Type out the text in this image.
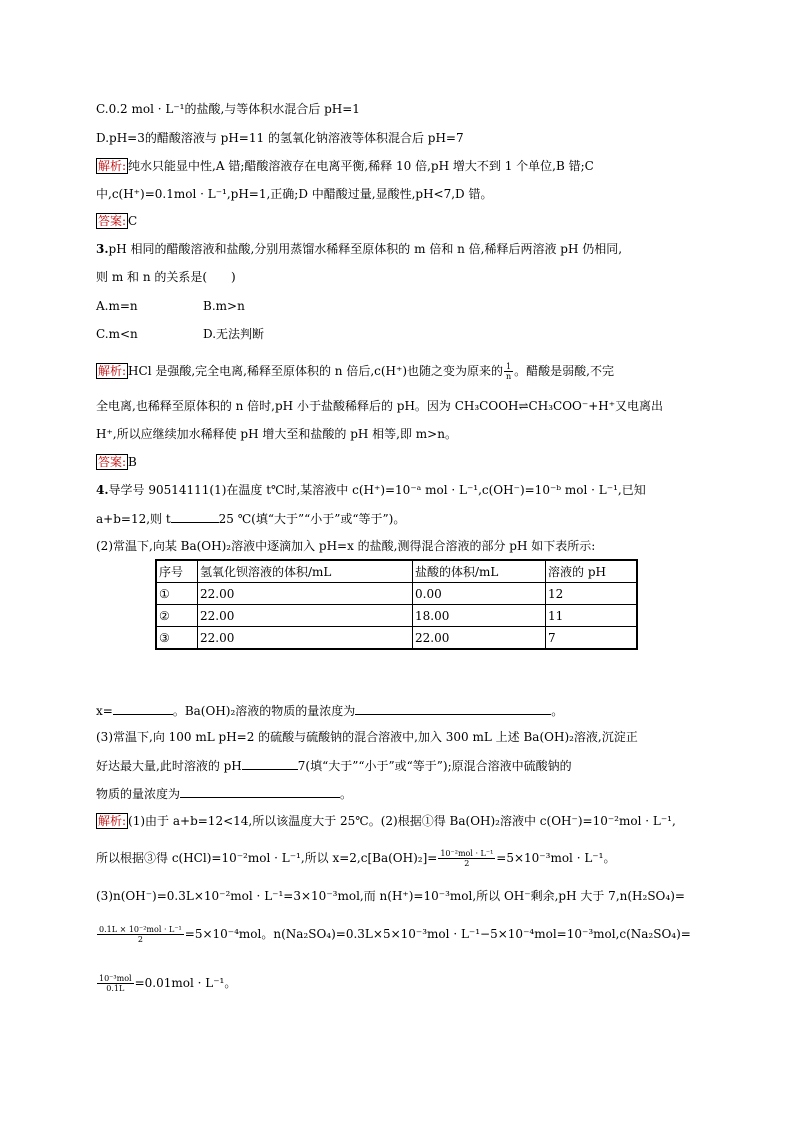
C.0.2 mol · L⁻¹的盐酸,与等体积水混合后 pH=1
D.pH=3的醋酸溶液与 pH=11 的氢氧化钠溶液等体积混合后 pH=7
解析: 纯水只能显中性,A 错;醋酸溶液存在电离平衡,稀释 10 倍,pH 增大不到 1 个单位,B 错;C
中,c(H⁺)=0.1mol · L⁻¹,pH=1,正确;D 中醋酸过量,显酸性,pH<7,D 错。
答案: C
3.pH 相同的醋酸溶液和盐酸,分别用蒸馏水稀释至原体积的 m 倍和 n 倍,稀释后两溶液 pH 仍相同,
则 m 和 n 的关系是(　　)
A.m=n	B.m>n
C.m<n	D.无法判断
解析: HCl 是强酸,完全电离,稀释至原体积的 n 倍后,c(H⁺)也随之变为原来的 $\frac{1}{n}$ 。醋酸是弱酸,不完
全电离,也稀释至原体积的 n 倍时,pH 小于盐酸稀释后的 pH。因为 CH₃COOH⇌CH₃COO⁻+H⁺又电离出
H⁺,所以应继续加水稀释使 pH 增大至和盐酸的 pH 相等,即 m>n。
答案: B
4.导学号 90514111(1)在温度 t℃时,某溶液中 c(H⁺)=10⁻ᵃ mol · L⁻¹,c(OH⁻)=10⁻ᵇ mol · L⁻¹,已知
a+b=12,则 t	25 ℃(填“大于”“小于”或“等于”)。
(2)常温下,向某 Ba(OH)₂溶液中逐滴加入 pH=x 的盐酸,测得混合溶液的部分 pH 如下表所示:
序号	氢氧化钡溶液的体积/mL	盐酸的体积/mL	溶液的 pH
①	22.00	0.00	12
②	22.00	18.00	11
③	22.00	22.00	7
x=	。Ba(OH)₂溶液的物质的量浓度为	。
(3)常温下,向 100 mL pH=2 的硫酸与硫酸钠的混合溶液中,加入 300 mL 上述 Ba(OH)₂溶液,沉淀正
好达最大量,此时溶液的 pH	7(填“大于”“小于”或“等于”);原混合溶液中硫酸钠的
物质的量浓度为	。
解析: (1)由于 a+b=12<14,所以该温度大于 25℃。(2)根据①得 Ba(OH)₂溶液中 c(OH⁻)=10⁻²mol · L⁻¹,
所以根据③得 c(HCl)=10⁻²mol · L⁻¹,所以 $x=2,c[Ba(OH)_2]= \frac{\text{10⁻²mol · L⁻¹}}{2} =5\times 10^{-3}mol \cdot L^{-1}$。
(3)n(OH⁻)=0.3L×10⁻²mol · L⁻¹=3×10⁻³mol,而 n(H⁺)=10⁻³mol,所以 OH⁻剩余,pH 大于 7,n(H₂SO₄)=
$\frac{\text{0.1L × 10⁻²mol · L⁻¹}}{2} =5\times 10^{-4}mol$。n(Na₂SO₄)=0.3L×5×10⁻³mol · L⁻¹−5×10⁻⁴mol=10⁻³mol,c(Na₂SO₄)=
$\frac{\text{10⁻³mol}}{0.1L} =0.01mol \cdot L^{-1}$。
